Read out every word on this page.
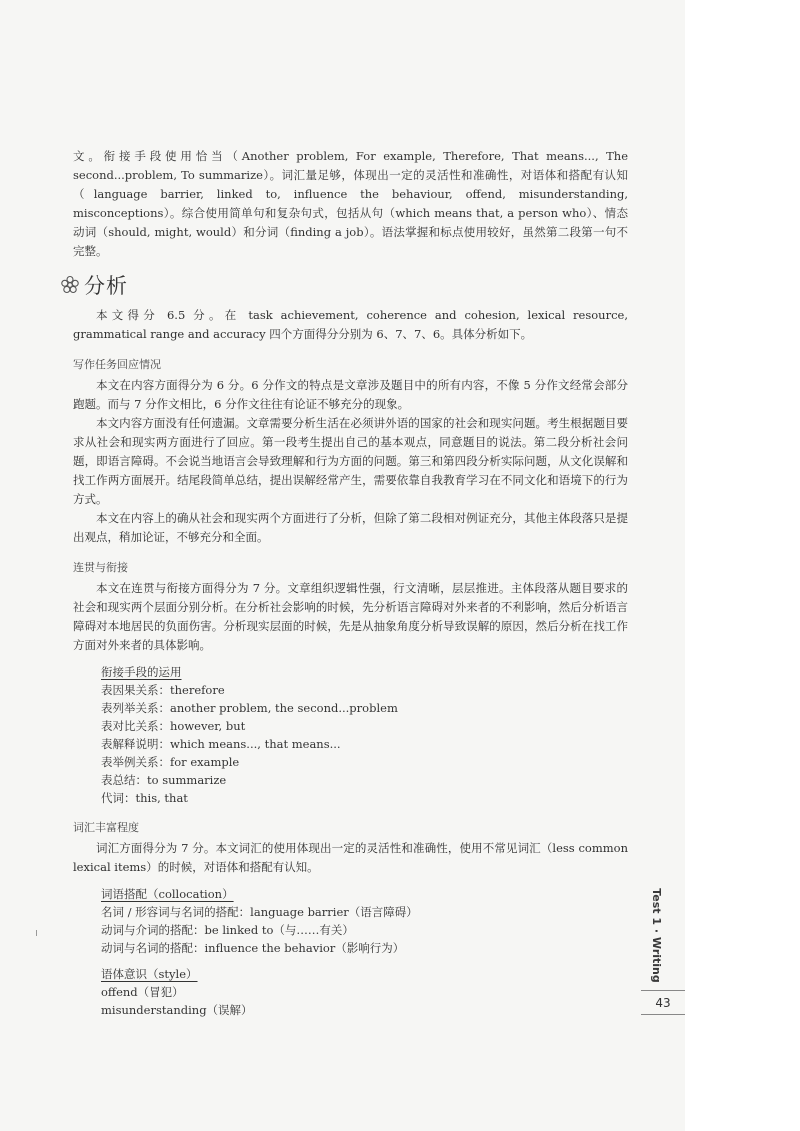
文。衔接手段使用恰当（Another problem, For example, Therefore, That means..., The second...problem, To summarize）。词汇量足够，体现出一定的灵活性和准确性，对语体和搭配有认知（language barrier, linked to, influence the behaviour, offend, misunderstanding, misconceptions）。综合使用简单句和复杂句式，包括从句（which means that, a person who）、情态动词（should, might, would）和分词（finding a job）。语法掌握和标点使用较好，虽然第二段第一句不完整。

分析

本文得分 6.5 分。在 task achievement, coherence and cohesion, lexical resource, grammatical range and accuracy 四个方面得分分别为 6、7、7、6。具体分析如下。

写作任务回应情况

本文在内容方面得分为 6 分。6 分作文的特点是文章涉及题目中的所有内容，不像 5 分作文经常会部分跑题。而与 7 分作文相比，6 分作文往往有论证不够充分的现象。

本文内容方面没有任何遗漏。文章需要分析生活在必须讲外语的国家的社会和现实问题。考生根据题目要求从社会和现实两方面进行了回应。第一段考生提出自己的基本观点，同意题目的说法。第二段分析社会问题，即语言障碍。不会说当地语言会导致理解和行为方面的问题。第三和第四段分析实际问题，从文化误解和找工作两方面展开。结尾段简单总结，提出误解经常产生，需要依靠自我教育学习在不同文化和语境下的行为方式。

本文在内容上的确从社会和现实两个方面进行了分析，但除了第二段相对例证充分，其他主体段落只是提出观点，稍加论证，不够充分和全面。

连贯与衔接

本文在连贯与衔接方面得分为 7 分。文章组织逻辑性强，行文清晰，层层推进。主体段落从题目要求的社会和现实两个层面分别分析。在分析社会影响的时候，先分析语言障碍对外来者的不利影响，然后分析语言障碍对本地居民的负面伤害。分析现实层面的时候，先是从抽象角度分析导致误解的原因，然后分析在找工作方面对外来者的具体影响。

衔接手段的运用
表因果关系：therefore
表列举关系：another problem, the second...problem
表对比关系：however, but
表解释说明：which means..., that means...
表举例关系：for example
表总结：to summarize
代词：this, that
词汇丰富程度

词汇方面得分为 7 分。本文词汇的使用体现出一定的灵活性和准确性，使用不常见词汇（less common lexical items）的时候，对语体和搭配有认知。

词语搭配（collocation）
名词 / 形容词与名词的搭配：language barrier（语言障碍）
动词与介词的搭配：be linked to（与……有关）
动词与名词的搭配：influence the behavior（影响行为）
语体意识（style）
offend（冒犯）
misunderstanding（误解）
Test 1 · Writing
43
